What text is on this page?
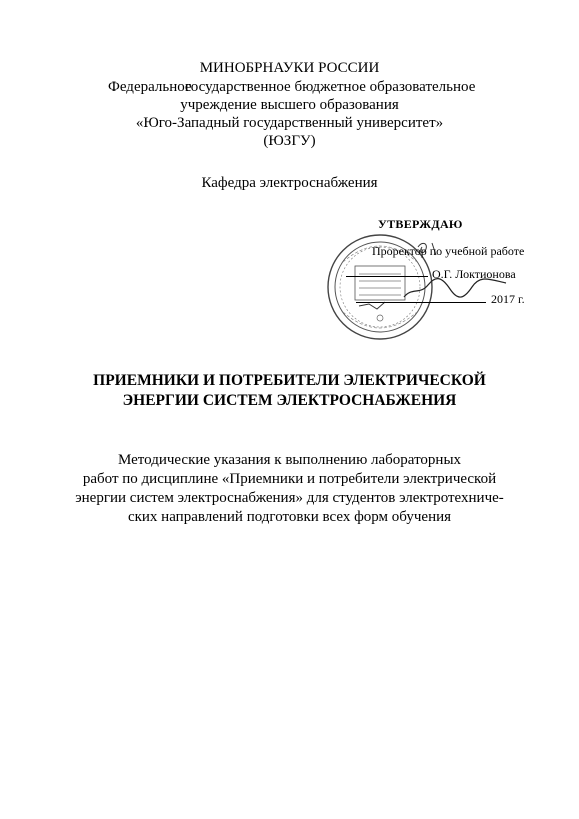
МИНОБРНАУКИ РОССИИ
Федеральное
государственное бюджетное образовательное
учреждение высшего образования
«Юго-Западный государственный университет»
(ЮЗГУ)
Кафедра электроснабжения
УТВЕРЖДАЮ
Проректор по учебной работе
О.Г. Локтионова
2017 г.
ПРИЕМНИКИ И ПОТРЕБИТЕЛИ ЭЛЕКТРИЧЕСКОЙ
ЭНЕРГИИ СИСТЕМ ЭЛЕКТРОСНАБЖЕНИЯ
Методические указания к выполнению лабораторных
работ по дисциплине «Приемники и потребители электрической
энергии систем электроснабжения» для студентов электротехниче-
ских направлений подготовки всех форм обучения
